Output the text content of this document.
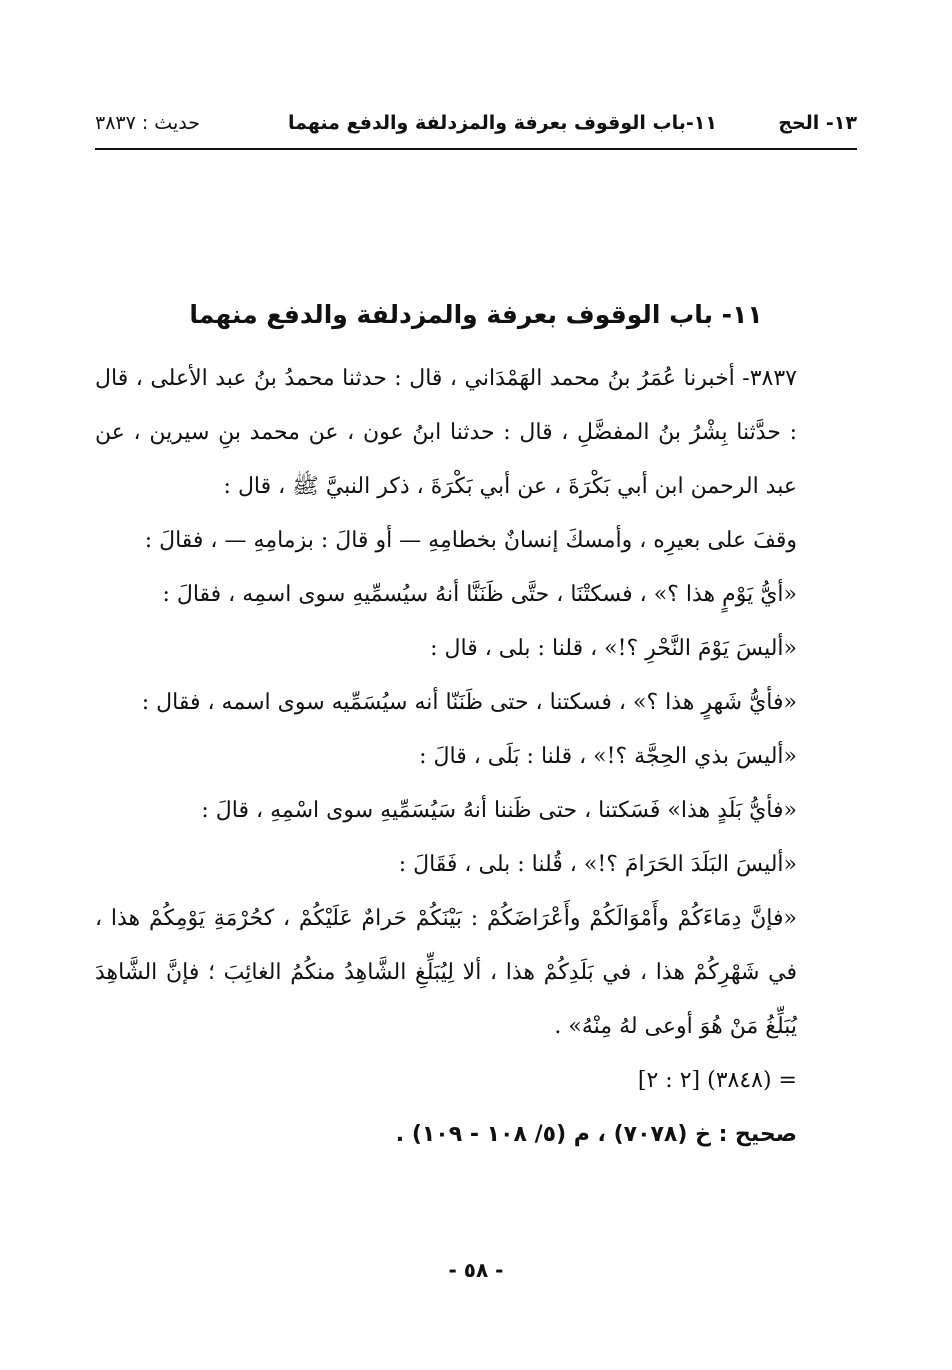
١٣- الحج
١١-باب الوقوف بعرفة والمزدلفة والدفع منهما
حديث : ٣٨٣٧
١١- باب الوقوف بعرفة والمزدلفة والدفع منهما

٣٨٣٧- أخبرنا عُمَرُ بنُ محمد الهَمْدَاني ، قال : حدثنا محمدُ بنُ عبد الأعلى ، قال : حدَّثنا بِشْرُ بنُ المفضَّلِ ، قال : حدثنا ابنُ عون ، عن محمد بنِ سيرين ، عن عبد الرحمن ابن أبي بَكْرَةَ ، عن أبي بَكْرَةَ ، ذكر النبيَّ ﷺ ، قال :

وقفَ على بعيرِه ، وأمسكَ إنسانٌ بخطامِهِ — أو قالَ : بزمامِهِ — ، فقالَ :

«أيُّ يَوْمٍ هذا ؟» ، فسكتْنَا ، حتَّى ظَنَنَّا أنهُ سيُسمِّيهِ سوى اسمِه ، فقالَ :

«أليسَ يَوْمَ النَّحْرِ ؟!» ، قلنا : بلى ، قال :

«فأيُّ شَهرٍ هذا ؟» ، فسكتنا ، حتى ظَنَنّا أنه سيُسَمِّيه سوى اسمه ، فقال :

«أليسَ بذي الحِجَّة ؟!» ، قلنا : بَلَى ، قالَ :

«فأيُّ بَلَدٍ هذا» فَسَكتنا ، حتى ظَننا أنهُ سَيُسَمِّيهِ سوى اسْمِهِ ، قالَ :

«أليسَ البَلَدَ الحَرَامَ ؟!» ، قُلنا : بلى ، فَقَالَ :

«فإنَّ دِمَاءَكُمْ وأَمْوَالَكُمْ وأَعْرَاضَكُمْ : بَيْنَكُمْ حَرامٌ عَلَيْكُمْ ، كحُرْمَةِ يَوْمِكُمْ هذا ، في شَهْرِكُمْ هذا ، في بَلَدِكُمْ هذا ، ألا لِيُبَلِّغِ الشَّاهِدُ منكُمُ الغائِبَ ؛ فإنَّ الشَّاهِدَ يُبَلِّغُ مَنْ هُوَ أوعى لهُ مِنْهُ» .

= (٣٨٤٨) [٢ : ٢]

صحيح : خ (٧٠٧٨) ، م (٥/ ١٠٨ - ١٠٩) .

- ٥٨ -
